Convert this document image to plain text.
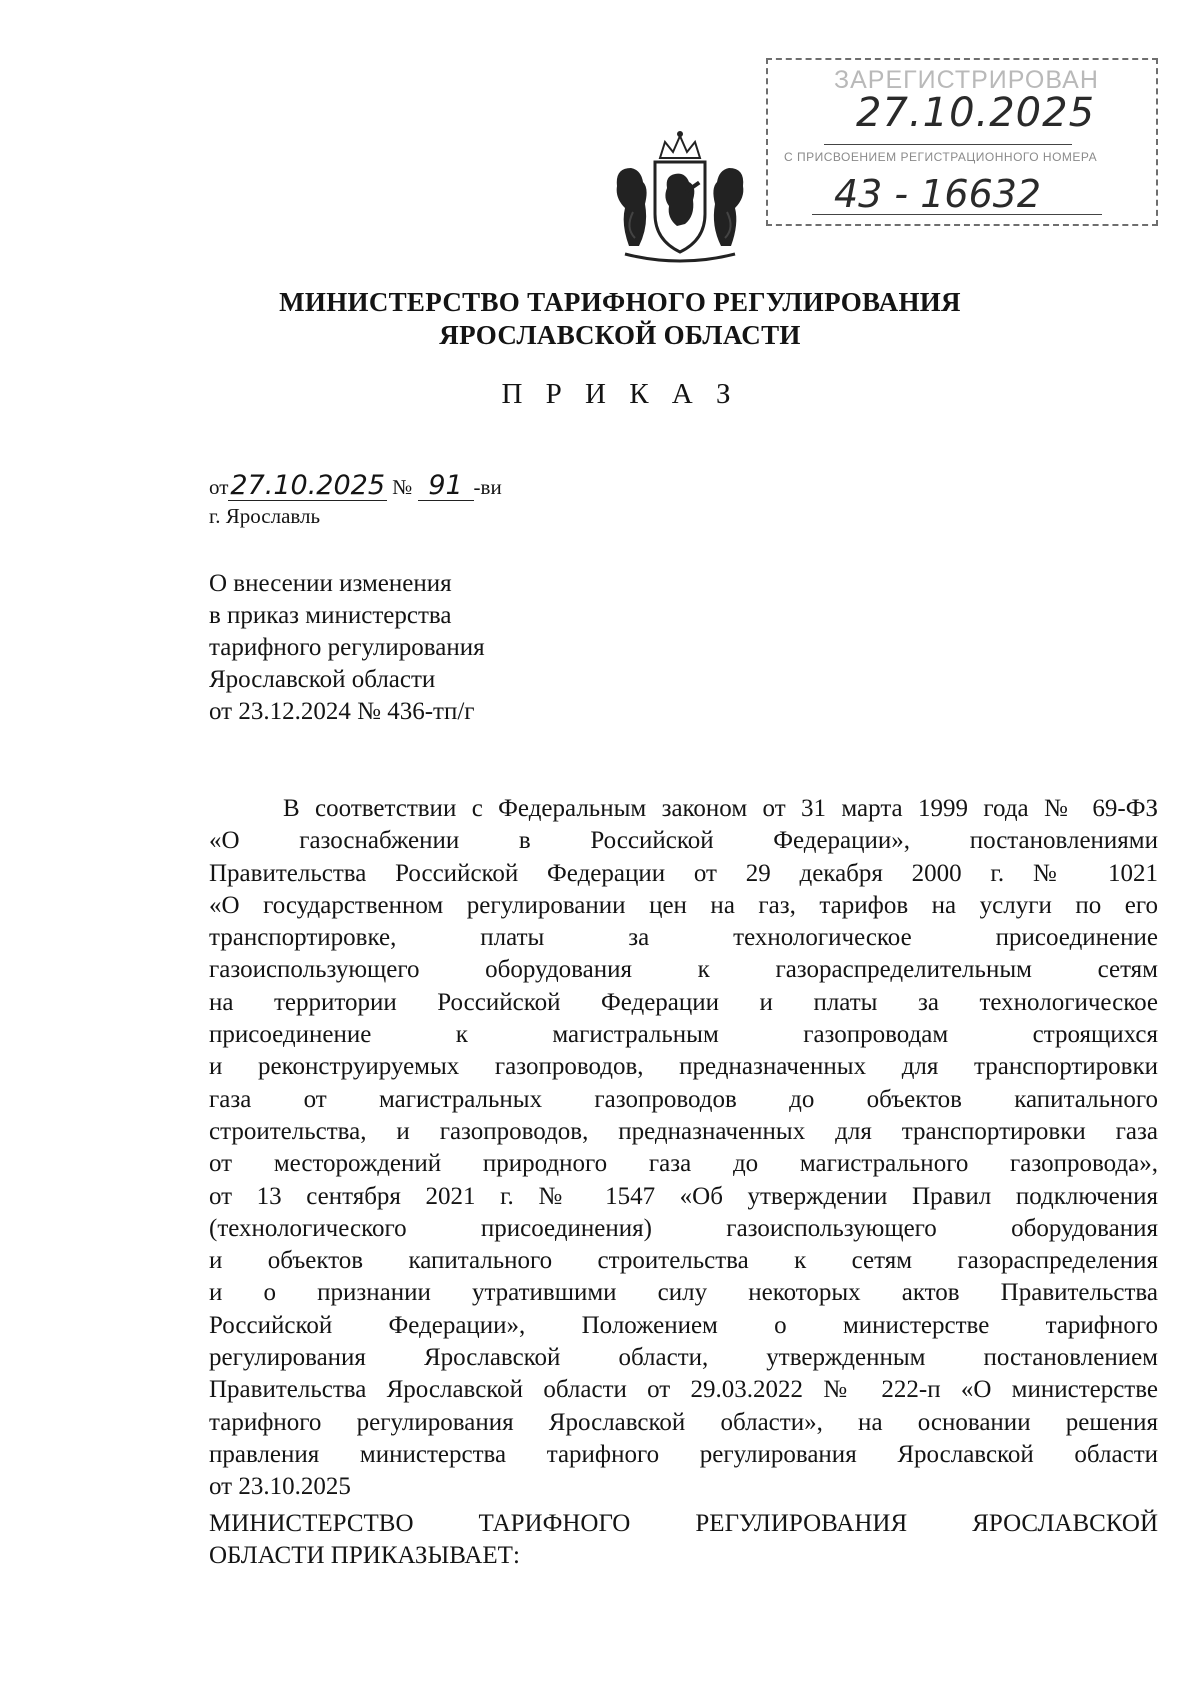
ЗАРЕГИСТРИРОВАН
27.10.2025
С ПРИСВОЕНИЕМ РЕГИСТРАЦИОННОГО НОМЕРА
43 - 16632
МИНИСТЕРСТВО ТАРИФНОГО РЕГУЛИРОВАНИЯ
ЯРОСЛАВСКОЙ ОБЛАСТИ
П Р И К А З
от27.10.2025 № 91 -ви
г. Ярославль
О внесении изменения
в приказ министерства
тарифного регулирования
Ярославской области
от 23.12.2024 № 436-тп/г
В соответствии с Федеральным законом от 31 марта 1999 года № 69-ФЗ
«О газоснабжении в Российской Федерации», постановлениями
Правительства Российской Федерации от 29 декабря 2000 г. № 1021
«О государственном регулировании цен на газ, тарифов на услуги по его
транспортировке, платы за технологическое присоединение
газоиспользующего оборудования к газораспределительным сетям
на территории Российской Федерации и платы за технологическое
присоединение к магистральным газопроводам строящихся
и реконструируемых газопроводов, предназначенных для транспортировки
газа от магистральных газопроводов до объектов капитального
строительства, и газопроводов, предназначенных для транспортировки газа
от месторождений природного газа до магистрального газопровода»,
от 13 сентября 2021 г. № 1547 «Об утверждении Правил подключения
(технологического присоединения) газоиспользующего оборудования
и объектов капитального строительства к сетям газораспределения
и о признании утратившими силу некоторых актов Правительства
Российской Федерации», Положением о министерстве тарифного
регулирования Ярославской области, утвержденным постановлением
Правительства Ярославской области от 29.03.2022 № 222-п «О министерстве
тарифного регулирования Ярославской области», на основании решения
правления министерства тарифного регулирования Ярославской области
от 23.10.2025
МИНИСТЕРСТВО ТАРИФНОГО РЕГУЛИРОВАНИЯ ЯРОСЛАВСКОЙ
ОБЛАСТИ ПРИКАЗЫВАЕТ:
